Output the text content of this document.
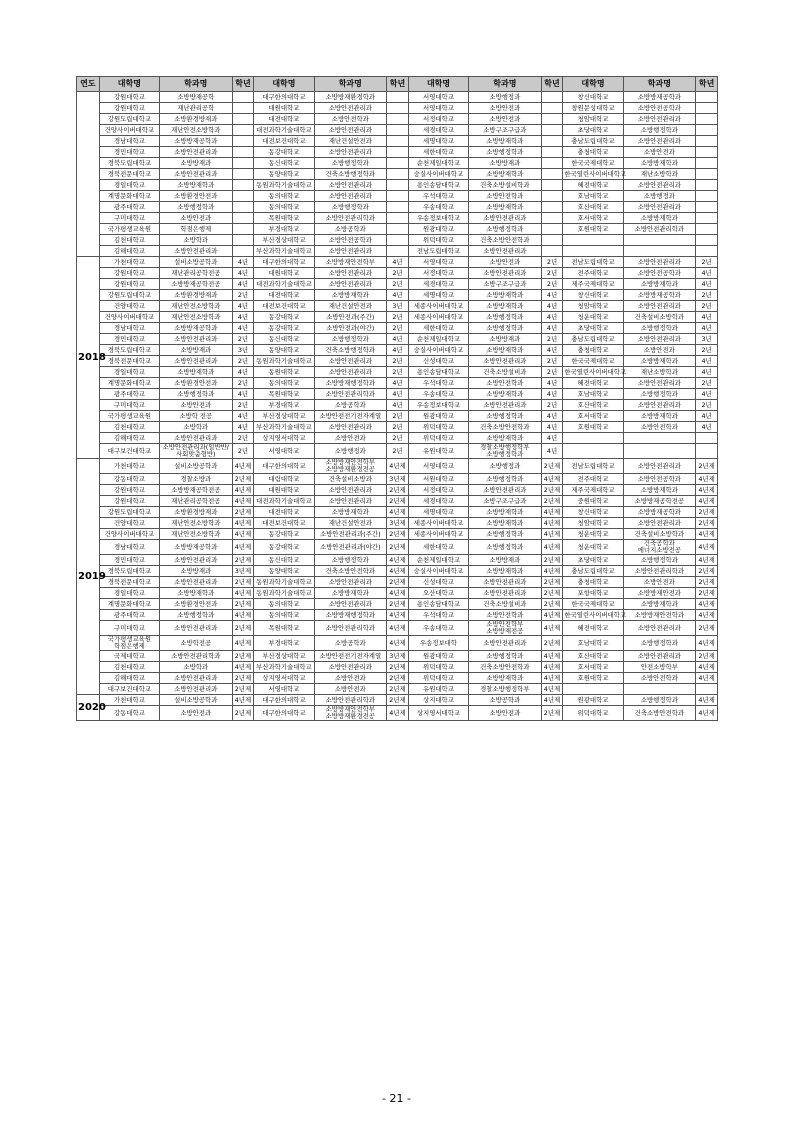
연도	대학명	학과명	학년	대학명	학과명	학년	대학명	학과명	학년	대학명	학과명	학년
	강원대학교	소방방재공학		대구한의대학교	소방방재환경학과		서영대학교	소방행정과		창신대학교	소방방재공학과	
	강원대학교	재난관리공학		대원대학교	소방안전관리과		서영대학교	소방안전과		창원문성대학교	소방안전공학과	
	강원도립대학교	소방환경방재과		대전대학교	소방안전학과		서정대학교	소방안전과		청암대학교	소방안전관리과	
	건양사이버대학교	재난안전소방학과		대전과학기술대학교	소방안전관리과		세경대학교	소방구조구급과		초당대학교	소방행정학과	
	경남대학교	소방방재공학과		대전보건대학교	재난건설안전과		세명대학교	소방방재학과		충남도립대학교	소방안전관리과	
	경민대학교	소방안전관리과		동강대학교	소방안전관리과		세한대학교	소방행정학과		충청대학교	소방안전과	
	경북도립대학교	소방방재과		동신대학교	소방행정학과		순천제일대학교	소방방재과		한국국제대학교	소방방재학과	
	경북전문대학교	소방안전관리과		동양대학교	건축소방행정학과		숭실사이버대학교	소방방재학과		한국열린사이버대학교	재난소방학과	
	경일대학교	소방방재학과		동원과학기술대학교	소방안전관리과		용인송담대학교	건축소방설비학과		혜전대학교	소방안전관리과	
	계명문화대학교	소방환경안전과		동의대학교	소방안전관리과		우석대학교	소방안전학과		호남대학교	소방행정과	
	광주대학교	소방행정학과		동의대학교	소방행정학과		우송대학교	소방방재학과		호산대학교	소방안전관리과	
	구미대학교	소방안전과		목원대학교	소방안전관리학과		우송정보대학교	소방안전관리과		호서대학교	소방방재학과	
	국가평생교육원	학점은행제		부경대학교	소방공학과		원광대학교	소방행정학과		호원대학교	소방안전관리학과	
	김천대학교	소방학과		부산경상대학교	소방안전공학과		위덕대학교	건축소방안전학과				
	김해대학교	소방안전관리과		부산과학기술대학교	소방안전관리과		전남도립대학교	소방안전관리과				
2018	가천대학교	설비소방공학과	4년	대구한의대학교	소방방재안전학부	4년	서영대학교	소방안전과	2년	전남도립대학교	소방안전관리과	2년
	강원대학교	재난관리공학전공	4년	대원대학교	소방안전관리과	2년	서정대학교	소방안전관리과	2년	전주대학교	소방안전공학과	4년
	강원대학교	소방방재공학전공	4년	대전과학기술대학교	소방안전관리과	2년	세경대학교	소방구조구급과	2년	제주국제대학교	소방방재학과	4년
	강원도립대학교	소방환경방재과	2년	대전대학교	소방방재학과	4년	세명대학교	소방방재학과	4년	창신대학교	소방방재공학과	2년
	건양대학교	재난안전소방학과	4년	대전보건대학교	재난건설안전과	3년	세종사이버대학교	소방방재학과	4년	청암대학교	소방안전관리과	2년
	건양사이버대학교	재난안전소방학과	4년	동강대학교	소방안전과(주간)	2년	세종사이버대학교	소방행정학과	4년	청운대학교	건축설비소방학과	4년
	경남대학교	소방방재공학과	4년	동강대학교	소방안전과(야간)	2년	세한대학교	소방행정학과	4년	초당대학교	소방행정학과	4년
	경민대학교	소방안전관리과	2년	동신대학교	소방행정학과	4년	순천제일대학교	소방방재과	2년	충남도립대학교	소방안전관리과	3년
	경북도립대학교	소방방재과	3년	동양대학교	건축소방행정학과	4년	숭실사이버대학교	소방방재학과	4년	충청대학교	소방안전과	2년
	경북전문대학교	소방안전관리과	2년	동원과학기술대학교	소방안전관리과	2년	신성대학교	소방안전관리과	2년	한국국제대학교	소방방재학과	4년
	경일대학교	소방방재학과	4년	동원대학교	소방안전관리과	2년	용인송담대학교	건축소방설비과	2년	한국열린사이버대학교	재난소방학과	4년
	계명문화대학교	소방환경안전과	2년	동의대학교	소방방재행정학과	4년	우석대학교	소방안전학과	4년	혜전대학교	소방안전관리과	2년
	광주대학교	소방행정학과	4년	목원대학교	소방안전관리학과	4년	우송대학교	소방방재학과	4년	호남대학교	소방행정학과	4년
	구미대학교	소방안전과	2년	부경대학교	소방공학과	4년	우송정보대학교	소방안전관리과	2년	호산대학교	소방안전관리과	2년
	국가평생교육원	소방학 전공	4년	부산경상대학교	소방안전전기전자계열	2년	원광대학교	소방행정학과	4년	호서대학교	소방방재학과	4년
	김천대학교	소방학과	4년	부산과학기술대학교	소방안전관리과	2년	위덕대학교	건축소방안전학과	4년	호원대학교	소방안전학과	4년
	김해대학교	소방안전관리과	2년	상지영서대학교	소방안전과	2년	위덕대학교	소방방재학과	4년			
	대구보건대학교	소방안전관리과(일반반/사회맞춤형반)	2년	서영대학교	소방행정과	2년	유원대학교	경찰소방행정학부 소방행정학과	4년			
2019	가천대학교	설비소방공학과	4년제	대구한의대학교	소방방재안전학부 소방방재환경전공	4년제	서영대학교	소방행정과	2년제	전남도립대학교	소방안전관리과	2년제
	강동대학교	경찰소방과	2년제	대림대학교	건축설비소방과	3년제	서원대학교	소방행정학과	4년제	전주대학교	소방안전공학과	4년제
	강원대학교	소방방재공학전공	4년제	대원대학교	소방안전관리과	2년제	서정대학교	소방안전관리과	2년제	제주국제대학교	소방방재학과	4년제
	강원대학교	재난관리공학전공	4년제	대전과학기술대학교	소방안전관리과	2년제	세경대학교	소방구조구급과	2년제	중원대학교	소방방재공학전공	4년제
	강원도립대학교	소방환경방재과	2년제	대전대학교	소방방재학과	4년제	세명대학교	소방방재학과	4년제	창신대학교	소방방재공학과	2년제
	건양대학교	재난안전소방학과	4년제	대전보건대학교	재난건설안전과	3년제	세종사이버대학교	소방방재학과	4년제	청암대학교	소방안전관리과	2년제
	건양사이버대학교	재난안전소방학과	4년제	동강대학교	소방안전관리과(주간)	2년제	세종사이버대학교	소방행정학과	4년제	청운대학교	건축설비소방학과	4년제
	경남대학교	소방방재공학과	4년제	동강대학교	소방안전관리과(야간)	2년제	세한대학교	소방행정학과	4년제	청운대학교	건축공학과 에너지소방전공	4년제
	경민대학교	소방안전관리과	2년제	동신대학교	소방행정학과	4년제	순천제일대학교	소방방재과	2년제	초당대학교	소방행정학과	4년제
	경북도립대학교	소방방재과	3년제	동양대학교	건축소방안전학과	4년제	숭실사이버대학교	소방방재학과	4년제	충남도립대학교	소방안전관리학과	2년제
	경북전문대학교	소방안전관리과	2년제	동원과학기술대학교	소방안전관리과	2년제	신성대학교	소방안전관리과	2년제	충청대학교	소방안전과	2년제
	경일대학교	소방방재학과	4년제	동원과학기술대학교	소방방재학과	4년제	오산대학교	소방안전관리과	2년제	포항대학교	소방방재안전과	2년제
	계명문화대학교	소방환경안전과	2년제	동의대학교	소방안전관리과	2년제	용인송담대학교	건축소방설비과	2년제	한국국제대학교	소방방재학과	4년제
	광주대학교	소방행정학과	4년제	동의대학교	소방방재행정학과	4년제	우석대학교	소방안전학과	4년제	한국열린사이버대학교	소방방재안전학과	4년제
	구미대학교	소방안전관리과	2년제	목원대학교	소방안전관리학과	4년제	우송대학교	소방안전학부 소방방재전공	4년제	혜전대학교	소방안전관리과	2년제
	국가평생교육원 학점은행제	소방학전공	4년제	부경대학교	소방공학과	4년제	우송정보대학	소방안전관리과	2년제	호남대학교	소방행정학과	4년제
	국제대학교	소방안전관리학과	2년제	부산경상대학교	소방안전전기전자계열	3년제	원광대학교	소방행정학과	4년제	호산대학교	소방안전관리과	2년제
	김천대학교	소방학과	4년제	부산과학기술대학교	소방안전관리과	2년제	위덕대학교	건축소방안전학과	4년제	호서대학교	안전소방학부	4년제
	김해대학교	소방안전관리과	2년제	상지영서대학교	소방안전과	2년제	위덕대학교	소방방재학과	4년제	호원대학교	소방안전학과	4년제
	대구보건대학교	소방안전관리과	2년제	서영대학교	소방안전과	2년제	유원대학교	경찰소방행정학부	4년제			
2020	가천대학교	설비소방공학과	4년제	대구한의대학교	소방안전관리학과	2년제	상지대학교	소방공학과	4년제	원광대학교	소방행정학과	4년제
	강동대학교	소방안전과	2년제	대구한의대학교	소방방재안전학부 소방방재환경전공	4년제	상지영서대학교	소방안전과	2년제	위덕대학교	건축소방안전학과	4년제
- 21 -
